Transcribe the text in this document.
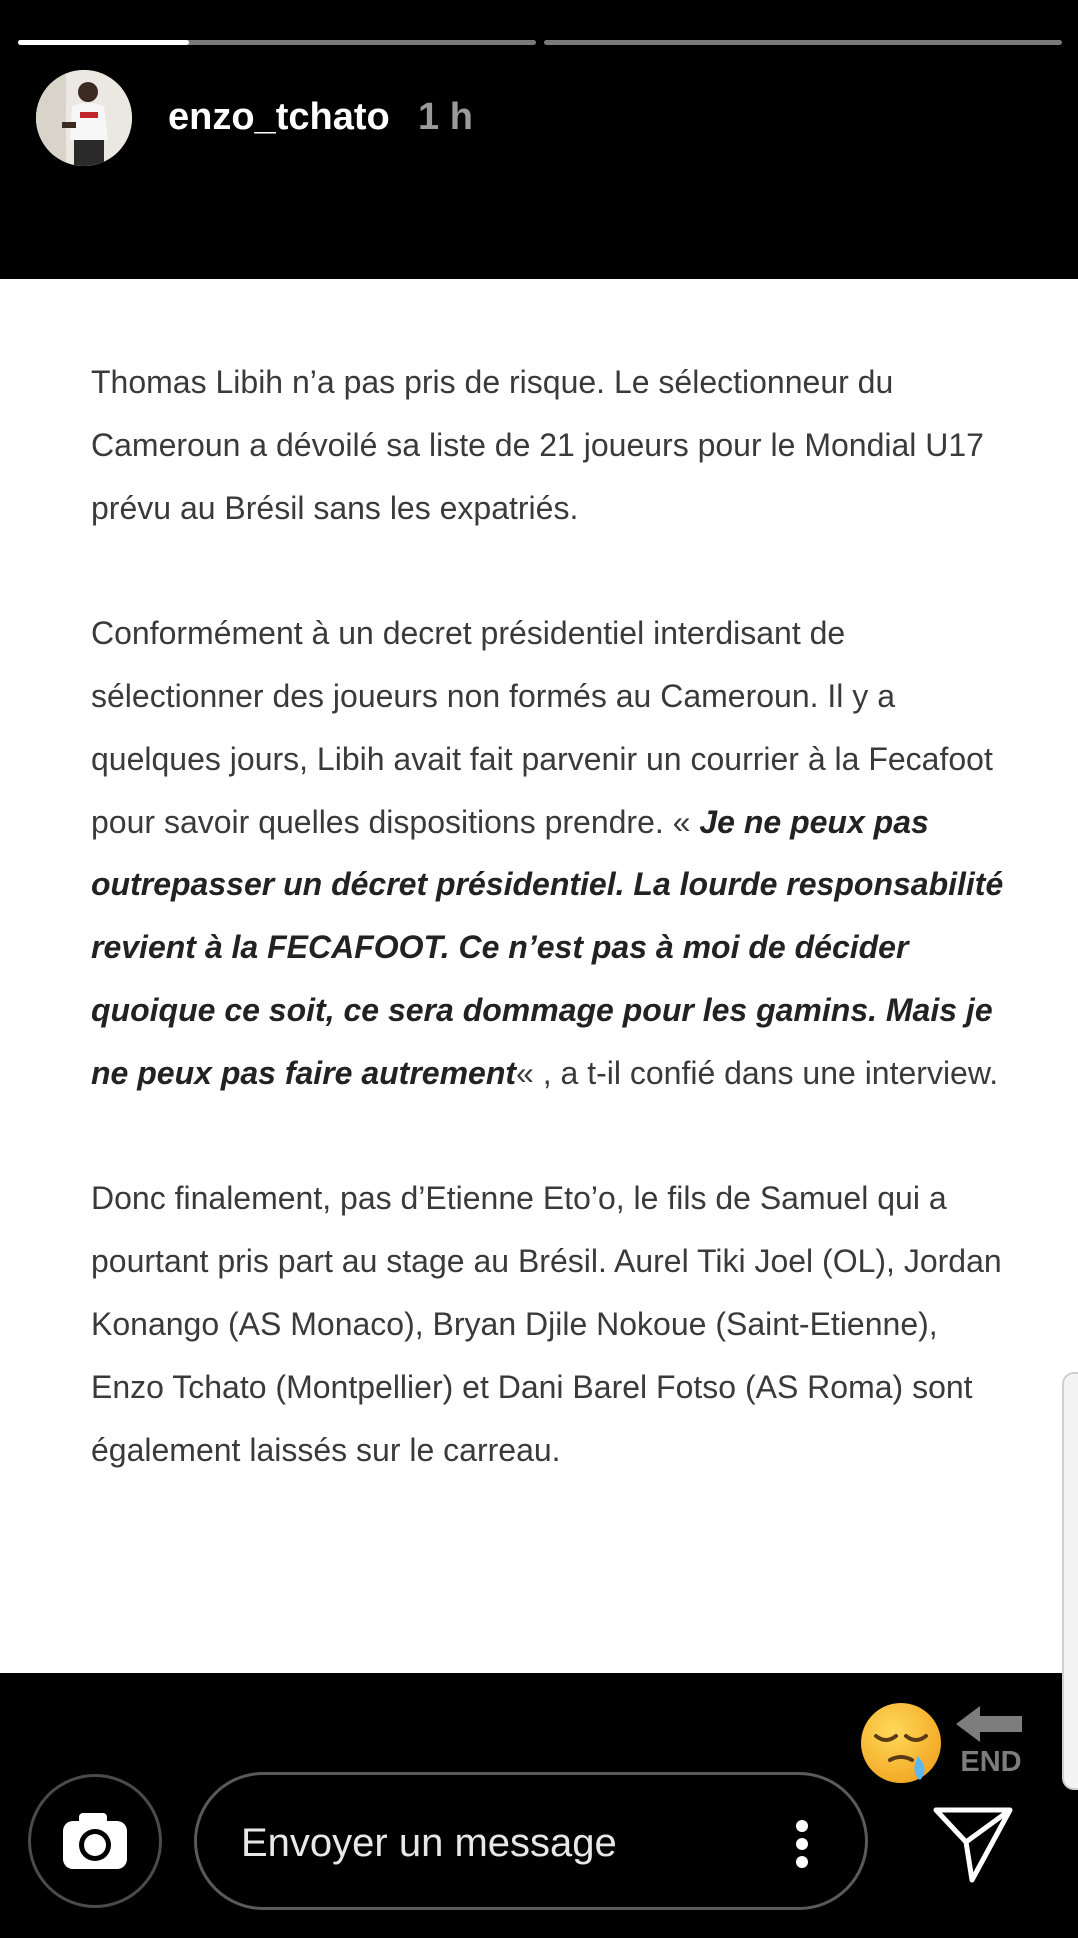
enzo_tchato 1 h

Thomas Libih n’a pas pris de risque. Le sélectionneur du Cameroun a dévoilé sa liste de 21 joueurs pour le Mondial U17 prévu au Brésil sans les expatriés.

Conformément à un decret présidentiel interdisant de sélectionner des joueurs non formés au Cameroun. Il y a quelques jours, Libih avait fait parvenir un courrier à la Fecafoot pour savoir quelles dispositions prendre. « Je ne peux pas outrepasser un décret présidentiel. La lourde responsabilité revient à la FECAFOOT. Ce n’est pas à moi de décider quoique ce soit, ce sera dommage pour les gamins. Mais je ne peux pas faire autrement« , a t-il confié dans une interview.

Donc finalement, pas d’Etienne Eto’o, le fils de Samuel qui a pourtant pris part au stage au Brésil. Aurel Tiki Joel (OL), Jordan Konango (AS Monaco), Bryan Djile Nokoue (Saint-Etienne), Enzo Tchato (Montpellier) et Dani Barel Fotso (AS Roma) sont également laissés sur le carreau.

END
Envoyer un message
